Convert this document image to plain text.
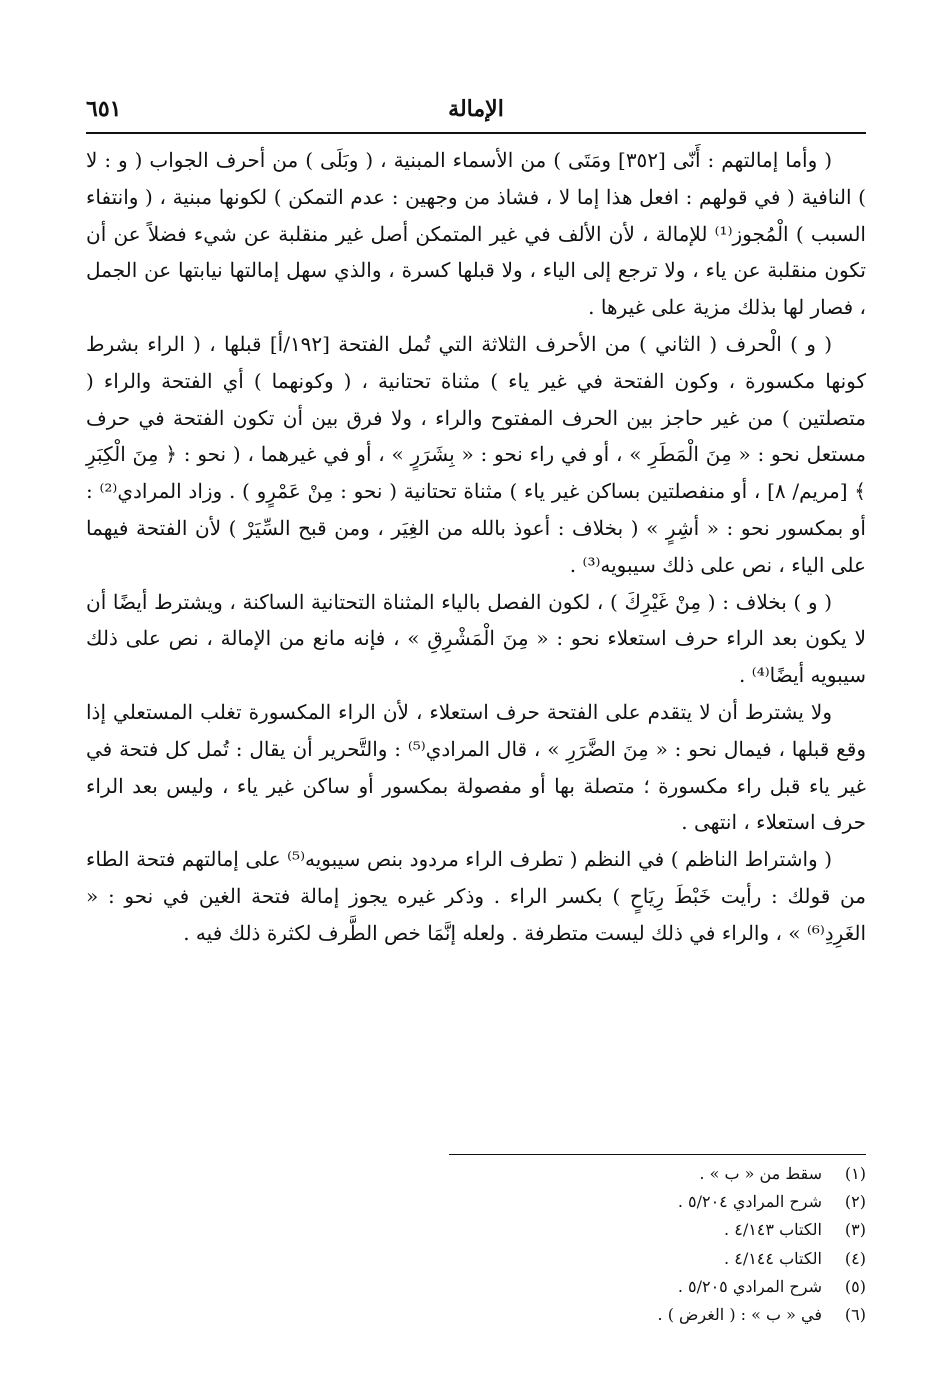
الإمالة
٦٥١

( وأما إمالتهم : أَنّى [٣٥٢] ومَتَى ) من الأسماء المبنية ، ( وبَلَى ) من أحرف الجواب ( و : لا ) النافية ( في قولهم : افعل هذا إما لا ، فشاذ من وجهين : عدم التمكن ) لكونها مبنية ، ( وانتفاء السبب ) الْمُجوز⁽¹⁾ للإمالة ، لأن الألف في غير المتمكن أصل غير منقلبة عن شيء فضلاً عن أن تكون منقلبة عن ياء ، ولا ترجع إلى الياء ، ولا قبلها كسرة ، والذي سهل إمالتها نيابتها عن الجمل ، فصار لها بذلك مزية على غيرها .

( و ) الْحرف ( الثاني ) من الأحرف الثلاثة التي تُمل الفتحة [١٩٢/أ] قبلها ، ( الراء بشرط كونها مكسورة ، وكون الفتحة في غير ياء ) مثناة تحتانية ، ( وكونهما ) أي الفتحة والراء ( متصلتين ) من غير حاجز بين الحرف المفتوح والراء ، ولا فرق بين أن تكون الفتحة في حرف مستعل نحو : « مِنَ الْمَطَرِ » ، أو في راء نحو : « بِشَرَرٍ » ، أو في غيرهما ، ( نحو : ﴿ مِنَ الْكِبَرِ ﴾ [مريم/ ٨] ، أو منفصلتين بساكن غير ياء ) مثناة تحتانية ( نحو : مِنْ عَمْرٍو ) . وزاد المرادي⁽²⁾ : أو بمكسور نحو : « أشِرٍ » ( بخلاف : أعوذ بالله من الغِيَر ، ومن قبح السِّيَرْ ) لأن الفتحة فيهما على الياء ، نص على ذلك سيبويه⁽³⁾ .

( و ) بخلاف : ( مِنْ غَيْرِكَ ) ، لكون الفصل بالياء المثناة التحتانية الساكنة ، ويشترط أيضًا أن لا يكون بعد الراء حرف استعلاء نحو : « مِنَ الْمَشْرِقِ » ، فإنه مانع من الإمالة ، نص على ذلك سيبويه أيضًا⁽⁴⁾ .

ولا يشترط أن لا يتقدم على الفتحة حرف استعلاء ، لأن الراء المكسورة تغلب المستعلي إذا وقع قبلها ، فيمال نحو : « مِنَ الضَّرَرِ » ، قال المرادي⁽⁵⁾ : والتَّحرير أن يقال : تُمل كل فتحة في غير ياء قبل راء مكسورة ؛ متصلة بها أو مفصولة بمكسور أو ساكن غير ياء ، وليس بعد الراء حرف استعلاء ، انتهى .

( واشتراط الناظم ) في النظم ( تطرف الراء مردود بنص سيبويه⁽⁵⁾ على إمالتهم فتحة الطاء من قولك : رأيت خَبْطَ رِيَاحٍ ) بكسر الراء . وذكر غيره يجوز إمالة فتحة الغين في نحو : « الغَرِدِ⁽⁶⁾ » ، والراء في ذلك ليست متطرفة . ولعله إنَّمَا خص الطَّرف لكثرة ذلك فيه .

(١)سقط من « ب » .
(٢)شرح المرادي ٥/٢٠٤ .
(٣)الكتاب ٤/١٤٣ .
(٤)الكتاب ٤/١٤٤ .
(٥)شرح المرادي ٥/٢٠٥ .
(٦)في « ب » : ( الغرض ) .
